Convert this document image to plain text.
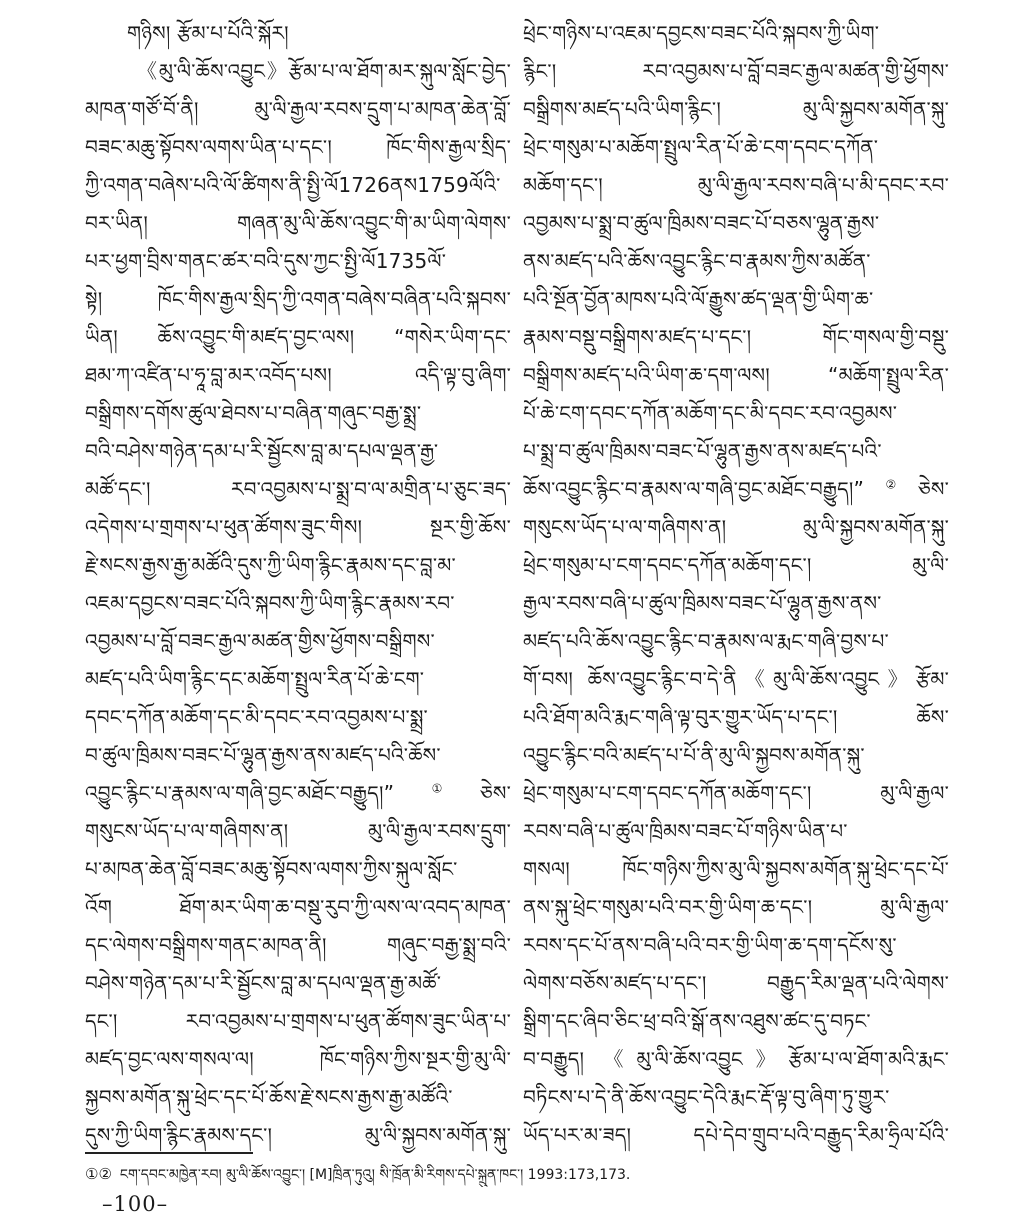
གཉིས། རྩོམ་པ་པོའི་སྐོར།
《མུ་ལི་ཆོས་འབྱུང》རྩོམ་པ་ལ་ཐོག་མར་སྐུལ་སློང་བྱེད་
མཁན་གཙོ་བོ་ནི། མུ་ལི་རྒྱལ་རབས་དྲུག་པ་མཁན་ཆེན་བློ་
བཟང་མཆུ་སྟོབས་ལགས་ཡིན་པ་དང་། ཁོང་གིས་རྒྱལ་སྲིད་
ཀྱི་འགན་བཞེས་པའི་ལོ་ཚིགས་ནི་སྤྱི་ལོ1726ནས1759ལོའི་
བར་ཡིན། གཞན་མུ་ལི་ཆོས་འབྱུང་གི་མ་ཡིག་ལེགས་
པར་ཕྱག་བྲིས་གནང་ཚར་བའི་དུས་ཀྱང་སྤྱི་ལོ1735ལོ་
སྟེ། ཁོང་གིས་རྒྱལ་སྲིད་ཀྱི་འགན་བཞེས་བཞིན་པའི་སྐབས་
ཡིན། ཆོས་འབྱུང་གི་མཛད་བྱང་ལས། “གསེར་ཡིག་དང་
ཐམ་ཀ་འཛིན་པ་ཧཱ་བླ་མར་འབོད་པས། འདི་ལྟ་བུ་ཞིག་
བསྒྲིགས་དགོས་ཚུལ་ཐེབས་པ་བཞིན་གཞུང་བརྒྱ་སྨྲ་
བའི་བཤེས་གཉེན་དམ་པ་རི་སྦྱོངས་བླ་མ་དཔལ་ལྡན་རྒྱ་
མཚོ་དང་། རབ་འབྱམས་པ་སྨྲ་བ་ལ་མགྲིན་པ་ཅུང་ཟད་
འདེགས་པ་གྲགས་པ་ཕུན་ཚོགས་ཟུང་གིས། སྔར་གྱི་ཆོས་
རྗེ་སངས་རྒྱས་རྒྱ་མཚོའི་དུས་ཀྱི་ཡིག་རྙིང་རྣམས་དང་བླ་མ་
འཇམ་དབྱངས་བཟང་པོའི་སྐབས་ཀྱི་ཡིག་རྙིང་རྣམས་རབ་
འབྱམས་པ་བློ་བཟང་རྒྱལ་མཚན་གྱིས་ཕྱོགས་བསྒྲིགས་
མཛད་པའི་ཡིག་རྙིང་དང་མཆོག་སྤྲུལ་རིན་པོ་ཆེ་ངག་
དབང་དཀོན་མཆོག་དང་མི་དབང་རབ་འབྱམས་པ་སྨྲ་
བ་ཚུལ་ཁྲིམས་བཟང་པོ་ལྷུན་རྒྱས་ནས་མཛད་པའི་ཆོས་
འབྱུང་རྙིང་པ་རྣམས་ལ་གཞི་བྱང་མཐོང་བརྒྱུད།”①ཅེས་
གསུངས་ཡོད་པ་ལ་གཞིགས་ན། མུ་ལི་རྒྱལ་རབས་དྲུག་
པ་མཁན་ཆེན་བློ་བཟང་མཆུ་སྟོབས་ལགས་ཀྱིས་སྐུལ་སློང་
འོག ཐོག་མར་ཡིག་ཆ་བསྡུ་རུབ་ཀྱི་ལས་ལ་འབད་མཁན་
དང་ལེགས་བསྒྲིགས་གནང་མཁན་ནི། གཞུང་བརྒྱ་སྨྲ་བའི་
བཤེས་གཉེན་དམ་པ་རི་སྦྱོངས་བླ་མ་དཔལ་ལྡན་རྒྱ་མཚོ་
དང་། རབ་འབྱམས་པ་གྲགས་པ་ཕུན་ཚོགས་ཟུང་ཡིན་པ་
མཛད་བྱང་ལས་གསལ་ལ། ཁོང་གཉིས་ཀྱིས་སྔར་གྱི་མུ་ལི་
སྐྱབས་མགོན་སྐུ་ཕྲེང་དང་པོ་ཆོས་རྗེ་སངས་རྒྱས་རྒྱ་མཚོའི་
དུས་ཀྱི་ཡིག་རྙིང་རྣམས་དང་། མུ་ལི་སྐྱབས་མགོན་སྐུ་
ཕྲེང་གཉིས་པ་འཇམ་དབྱངས་བཟང་པོའི་སྐབས་ཀྱི་ཡིག་
རྙིང་། རབ་འབྱམས་པ་བློ་བཟང་རྒྱལ་མཚན་གྱི་ཕྱོགས་
བསྒྲིགས་མཛད་པའི་ཡིག་རྙིང་། མུ་ལི་སྐྱབས་མགོན་སྐུ་
ཕྲེང་གསུམ་པ་མཆོག་སྤྲུལ་རིན་པོ་ཆེ་ངག་དབང་དཀོན་
མཆོག་དང་། མུ་ལི་རྒྱལ་རབས་བཞི་པ་མི་དབང་རབ་
འབྱམས་པ་སྨྲ་བ་ཚུལ་ཁྲིམས་བཟང་པོ་བཅས་ལྷུན་རྒྱས་
ནས་མཛད་པའི་ཆོས་འབྱུང་རྙིང་བ་རྣམས་ཀྱིས་མཚོན་
པའི་སྔོན་བྱོན་མཁས་པའི་ལོ་རྒྱུས་ཚད་ལྡན་གྱི་ཡིག་ཆ་
རྣམས་བསྡུ་བསྒྲིགས་མཛད་པ་དང་། གོང་གསལ་གྱི་བསྡུ་
བསྒྲིགས་མཛད་པའི་ཡིག་ཆ་དག་ལས། “མཆོག་སྤྲུལ་རིན་
པོ་ཆེ་ངག་དབང་དཀོན་མཆོག་དང་མི་དབང་རབ་འབྱམས་
པ་སྨྲ་བ་ཚུལ་ཁྲིམས་བཟང་པོ་ལྷུན་རྒྱས་ནས་མཛད་པའི་
ཆོས་འབྱུང་རྙིང་བ་རྣམས་ལ་གཞི་བྱང་མཐོང་བརྒྱུད།”②ཅེས་
གསུངས་ཡོད་པ་ལ་གཞིགས་ན། མུ་ལི་སྐྱབས་མགོན་སྐུ་
ཕྲེང་གསུམ་པ་ངག་དབང་དཀོན་མཆོག་དང་། མུ་ལི་
རྒྱལ་རབས་བཞི་པ་ཚུལ་ཁྲིམས་བཟང་པོ་ལྷུན་རྒྱས་ནས་
མཛད་པའི་ཆོས་འབྱུང་རྙིང་བ་རྣམས་ལ་རྨང་གཞི་བྱས་པ་
གོ་བས། ཆོས་འབྱུང་རྙིང་བ་དེ་ནི《མུ་ལི་ཆོས་འབྱུང》རྩོམ་
པའི་ཐོག་མའི་རྨང་གཞི་ལྟ་བུར་གྱུར་ཡོད་པ་དང་། ཆོས་
འབྱུང་རྙིང་བའི་མཛད་པ་པོ་ནི་མུ་ལི་སྐྱབས་མགོན་སྐུ་
ཕྲེང་གསུམ་པ་ངག་དབང་དཀོན་མཆོག་དང་། མུ་ལི་རྒྱལ་
རབས་བཞི་པ་ཚུལ་ཁྲིམས་བཟང་པོ་གཉིས་ཡིན་པ་
གསལ། ཁོང་གཉིས་ཀྱིས་མུ་ལི་སྐྱབས་མགོན་སྐུ་ཕྲེང་དང་པོ་
ནས་སྐུ་ཕྲེང་གསུམ་པའི་བར་གྱི་ཡིག་ཆ་དང་། མུ་ལི་རྒྱལ་
རབས་དང་པོ་ནས་བཞི་པའི་བར་གྱི་ཡིག་ཆ་དག་དངོས་སུ་
ལེགས་བཅོས་མཛད་པ་དང་། བརྒྱུད་རིམ་ལྡན་པའི་ལེགས་
སྒྲིག་དང་ཞིབ་ཅིང་ཕྲ་བའི་སྒོ་ནས་འཐུས་ཚང་དུ་བཏང་
བ་བརྒྱུད། 《མུ་ལི་ཆོས་འབྱུང》རྩོམ་པ་ལ་ཐོག་མའི་རྨང་
བཏིངས་པ་དེ་ནི་ཆོས་འབྱུང་དེའི་རྨང་རྡོ་ལྟ་བུ་ཞིག་ཏུ་གྱུར་
ཡོད་པར་མ་ཟད། དཔེ་དེབ་གྲུབ་པའི་བརྒྱུད་རིམ་ཧྲིལ་པོའི་
①② ངག་དབང་མཁྱེན་རབ། མུ་ལི་ཆོས་འབྱུང་། [M]ཁྲིན་ཏུའུ། སི་ཁྲོན་མི་རིགས་དཔེ་སྐྲུན་ཁང་། 1993:173,173.
–100–
